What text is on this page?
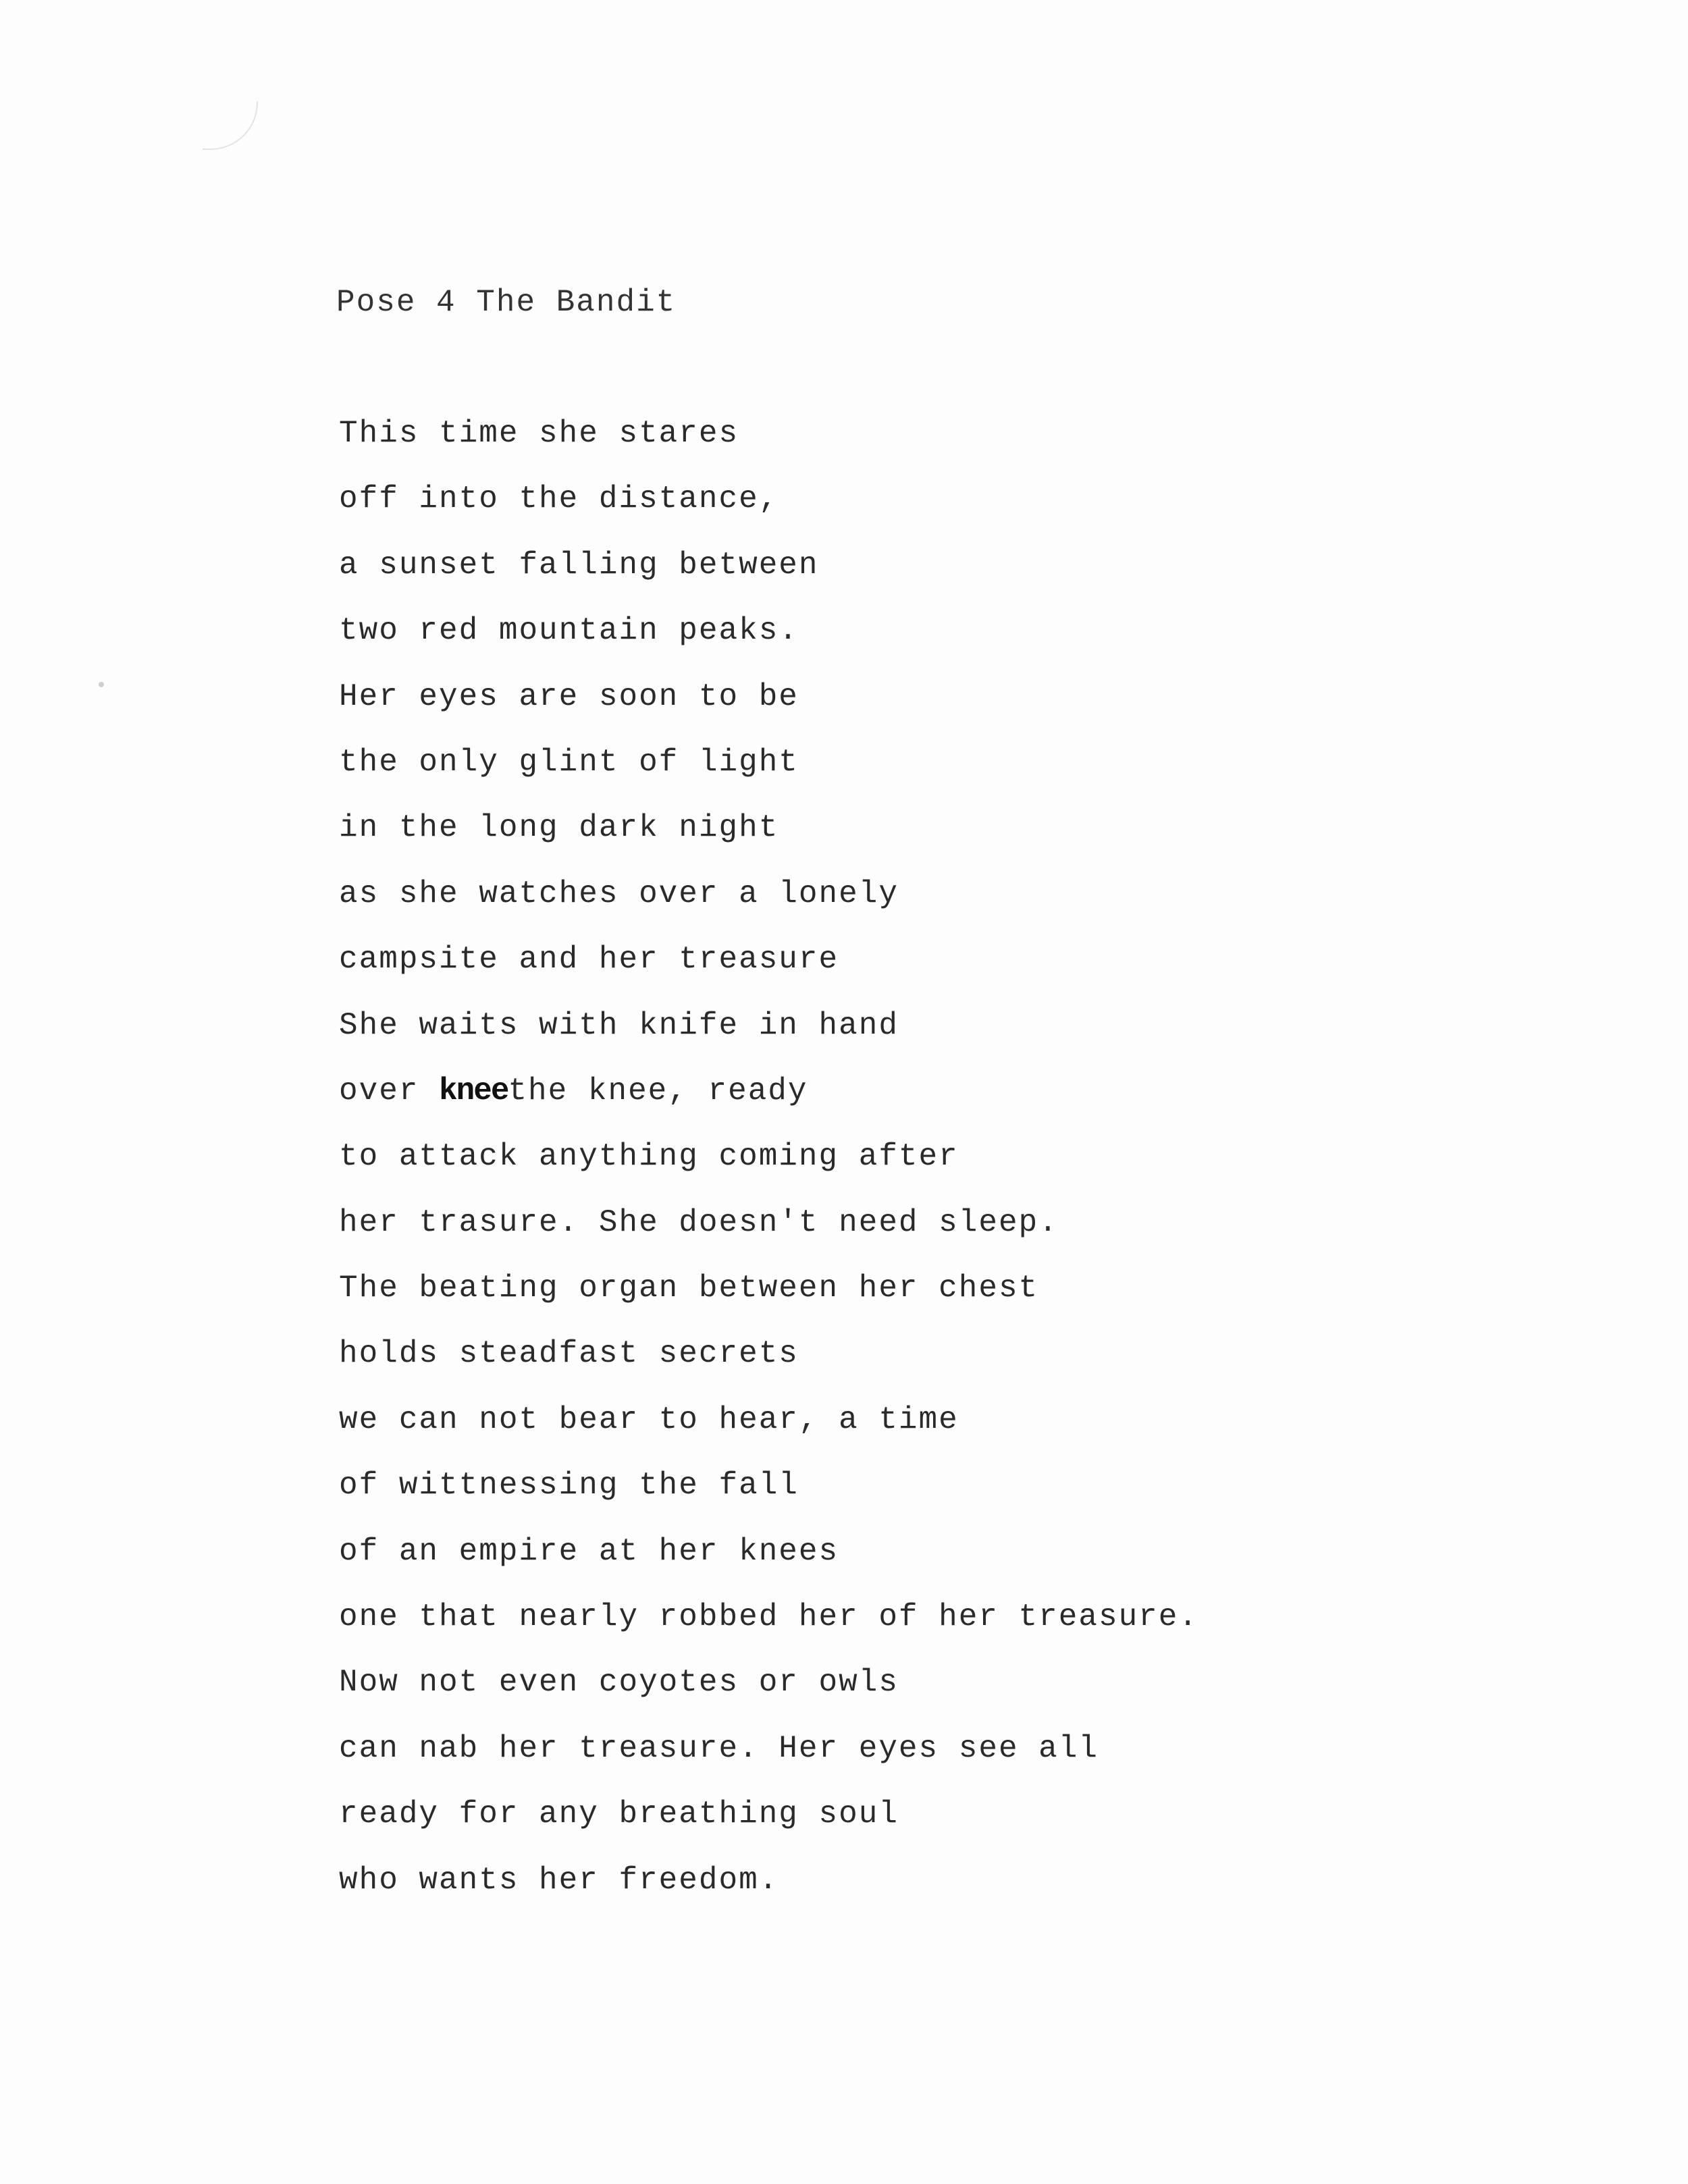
Pose 4 The Bandit
This time she stares
off into the distance,
a sunset falling between
two red mountain peaks.
Her eyes are soon to be
the only glint of light
in the long dark night
as she watches over a lonely
campsite and her treasure
She waits with knife in hand
over kneethe knee, ready
to attack anything coming after
her trasure. She doesn't need sleep.
The beating organ between her chest
holds steadfast secrets
we can not bear to hear, a time
of wittnessing the fall
of an empire at her knees
one that nearly robbed her of her treasure.
Now not even coyotes or owls
can nab her treasure. Her eyes see all
ready for any breathing soul
who wants her freedom.
